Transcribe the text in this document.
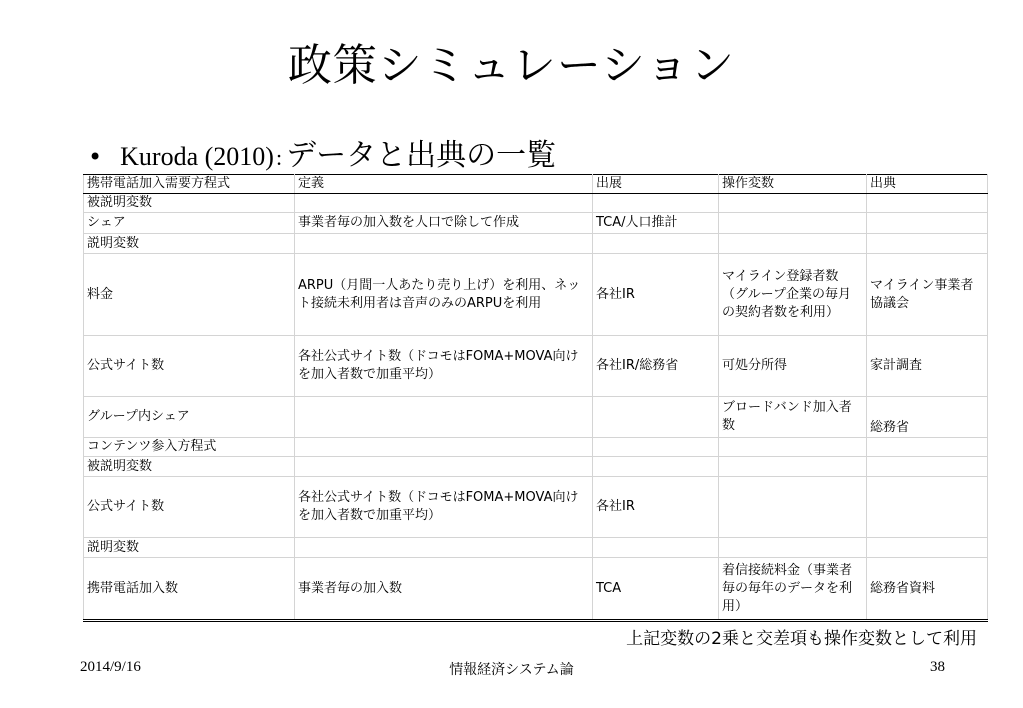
政策シミュレーション
• Kuroda (2010) : データと出典の一覧
携帯電話加入需要方程式	定義	出展	操作変数	出典
被説明変数				
シェア	事業者毎の加入数を人口で除して作成	TCA/人口推計		
説明変数				
料金	ARPU（月間一人あたり売り上げ）を利用、ネット接続未利用者は音声のみのARPUを利用	各社IR	マイライン登録者数（グループ企業の毎月の契約者数を利用）	マイライン事業者協議会
公式サイト数	各社公式サイト数（ドコモはFOMA+MOVA向けを加入者数で加重平均）	各社IR/総務省	可処分所得	家計調査
グループ内シェア			ブロードバンド加入者数	総務省
コンテンツ参入方程式				
被説明変数				
公式サイト数	各社公式サイト数（ドコモはFOMA+MOVA向けを加入者数で加重平均）	各社IR		
説明変数				
携帯電話加入数	事業者毎の加入数	TCA	着信接続料金（事業者毎の毎年のデータを利用）	総務省資料
上記変数の2乗と交差項も操作変数として利用
情報経済システム論
2014/9/16	38
